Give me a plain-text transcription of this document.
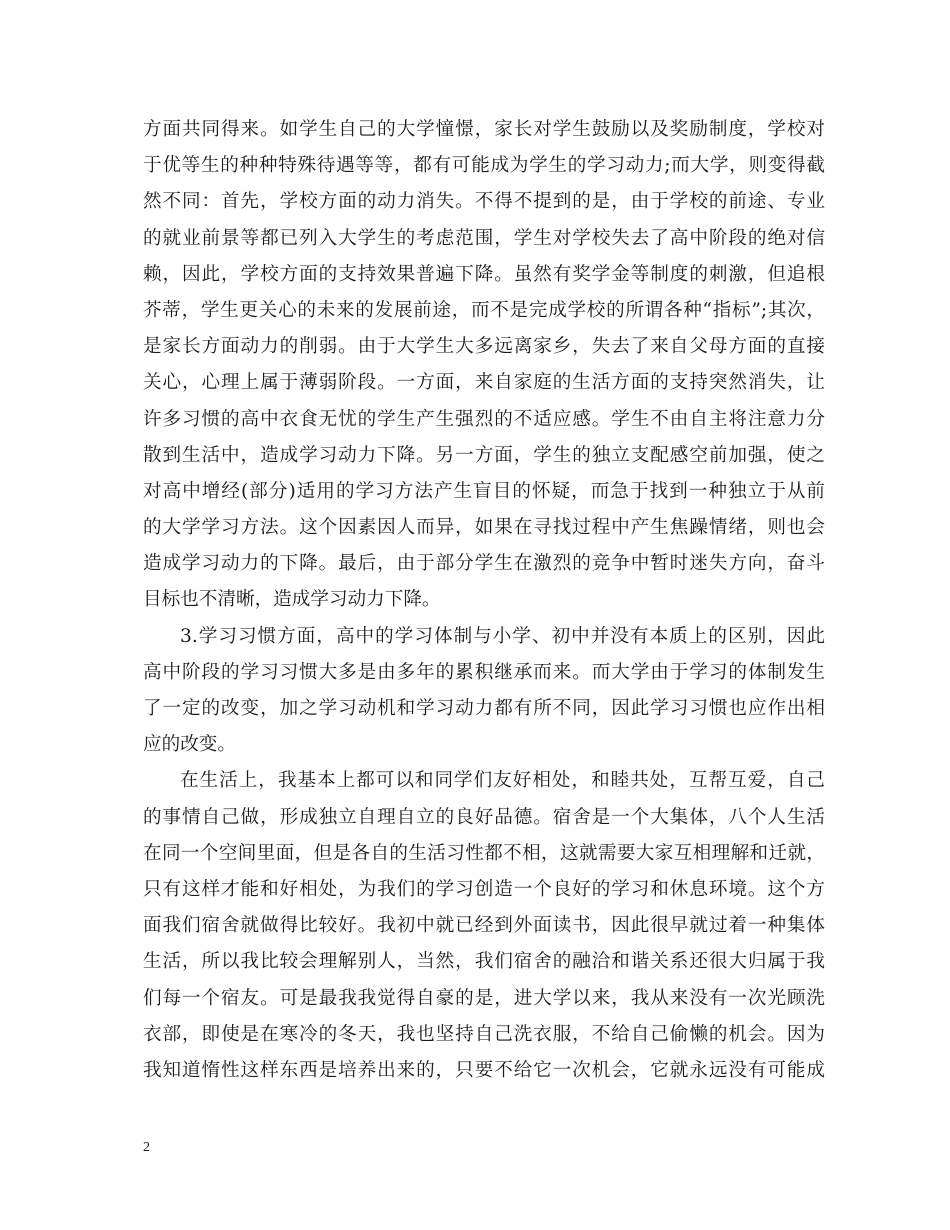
方面共同得来。如学生自己的大学憧憬，家长对学生鼓励以及奖励制度，学校对
于优等生的种种特殊待遇等等，都有可能成为学生的学习动力;而大学，则变得截
然不同：首先，学校方面的动力消失。不得不提到的是，由于学校的前途、专业
的就业前景等都已列入大学生的考虑范围，学生对学校失去了高中阶段的绝对信
赖，因此，学校方面的支持效果普遍下降。虽然有奖学金等制度的刺激，但追根
芥蒂，学生更关心的未来的发展前途，而不是完成学校的所谓各种“指标”;其次，
是家长方面动力的削弱。由于大学生大多远离家乡，失去了来自父母方面的直接
关心，心理上属于薄弱阶段。一方面，来自家庭的生活方面的支持突然消失，让
许多习惯的高中衣食无忧的学生产生强烈的不适应感。学生不由自主将注意力分
散到生活中，造成学习动力下降。另一方面，学生的独立支配感空前加强，使之
对高中增经(部分)适用的学习方法产生盲目的怀疑，而急于找到一种独立于从前
的大学学习方法。这个因素因人而异，如果在寻找过程中产生焦躁情绪，则也会
造成学习动力的下降。最后，由于部分学生在激烈的竞争中暂时迷失方向，奋斗
目标也不清晰，造成学习动力下降。
3.学习习惯方面，高中的学习体制与小学、初中并没有本质上的区别，因此
高中阶段的学习习惯大多是由多年的累积继承而来。而大学由于学习的体制发生
了一定的改变，加之学习动机和学习动力都有所不同，因此学习习惯也应作出相
应的改变。
在生活上，我基本上都可以和同学们友好相处，和睦共处，互帮互爱，自己
的事情自己做，形成独立自理自立的良好品德。宿舍是一个大集体，八个人生活
在同一个空间里面，但是各自的生活习性都不相，这就需要大家互相理解和迁就，
只有这样才能和好相处，为我们的学习创造一个良好的学习和休息环境。这个方
面我们宿舍就做得比较好。我初中就已经到外面读书，因此很早就过着一种集体
生活，所以我比较会理解别人，当然，我们宿舍的融洽和谐关系还很大归属于我
们每一个宿友。可是最我我觉得自豪的是，进大学以来，我从来没有一次光顾洗
衣部，即使是在寒冷的冬天，我也坚持自己洗衣服，不给自己偷懒的机会。因为
我知道惰性这样东西是培养出来的，只要不给它一次机会，它就永远没有可能成
2
